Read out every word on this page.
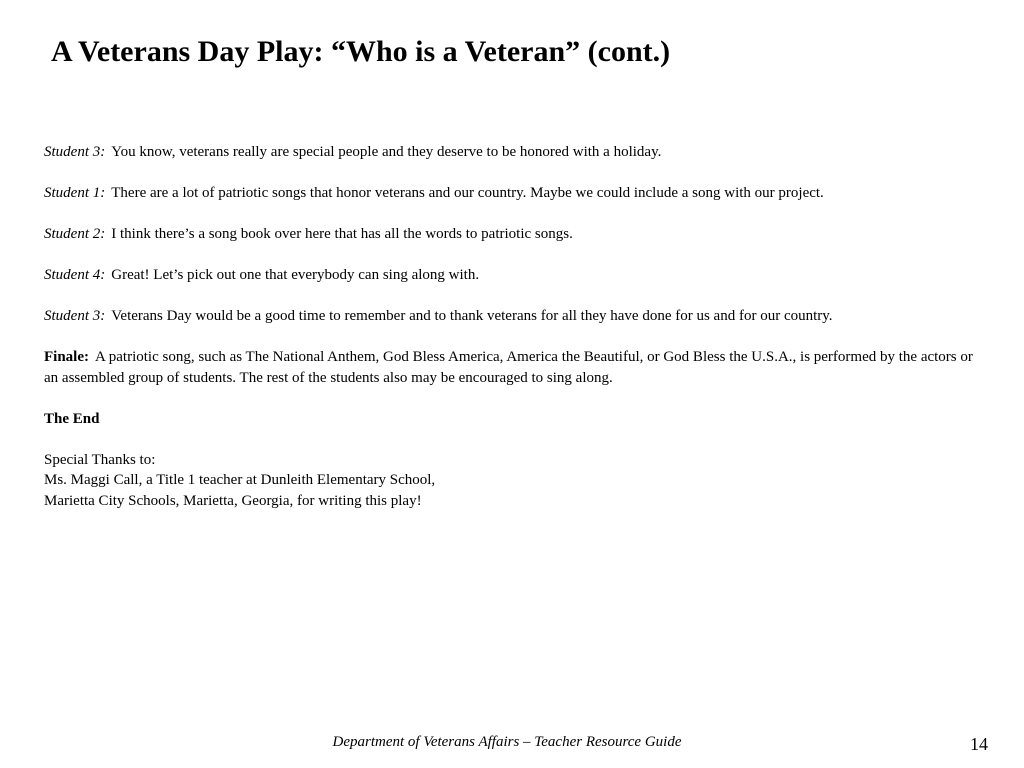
A Veterans Day Play: “Who is a Veteran” (cont.)

Student 3: You know, veterans really are special people and they deserve to be honored with a holiday.

Student 1: There are a lot of patriotic songs that honor veterans and our country. Maybe we could include a song with our project.

Student 2: I think there’s a song book over here that has all the words to patriotic songs.

Student 4: Great! Let’s pick out one that everybody can sing along with.

Student 3: Veterans Day would be a good time to remember and to thank veterans for all they have done for us and for our country.

Finale: A patriotic song, such as The National Anthem, God Bless America, America the Beautiful, or God Bless the U.S.A., is performed by the actors or an assembled group of students. The rest of the students also may be encouraged to sing along.

The End

Special Thanks to:
Ms. Maggi Call, a Title 1 teacher at Dunleith Elementary School,
Marietta City Schools, Marietta, Georgia, for writing this play!

Department of Veterans Affairs – Teacher Resource Guide	14
